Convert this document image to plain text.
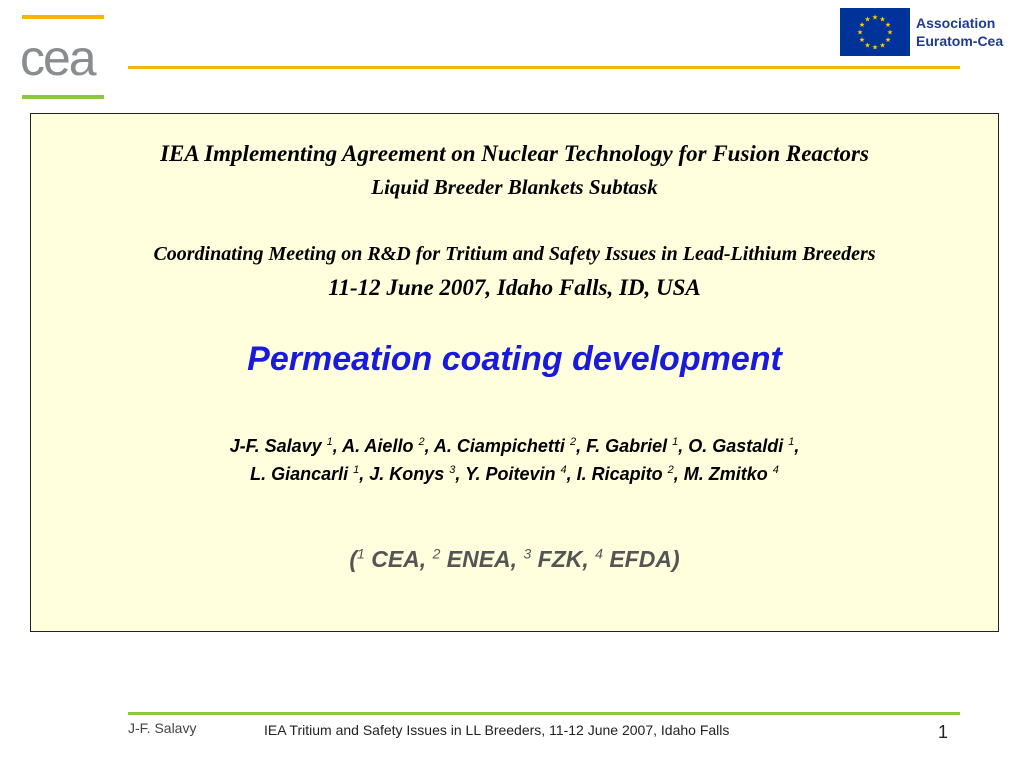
cea
★ ★
★
★
★
★
★
★
★
★
★
★	Association
Euratom-Cea
IEA Implementing Agreement on Nuclear Technology for Fusion Reactors
Liquid Breeder Blankets Subtask
Coordinating Meeting on R&D for Tritium and Safety Issues in Lead-Lithium Breeders
11-12 June 2007, Idaho Falls, ID, USA
Permeation coating development
J-F. Salavy $^1$, A. Aiello $^2$, A. Ciampichetti $^2$, F. Gabriel $^1$, O. Gastaldi $^1$,
L. Giancarli $^1$, J. Konys $^3$, Y. Poitevin $^4$, I. Ricapito $^2$, M. Zmitko $^4$
($^1$ CEA, $^2$ ENEA, $^3$ FZK, $^4$ EFDA)
J-F. Salavy	IEA Tritium and Safety Issues in LL Breeders, 11-12 June 2007, Idaho Falls	1
